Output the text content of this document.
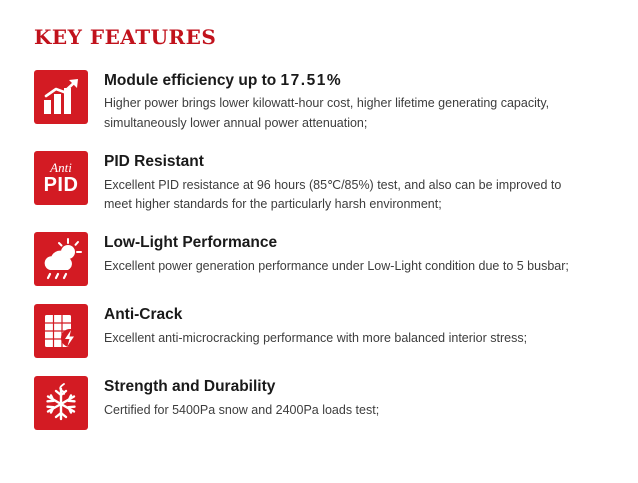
KEY FEATURES
Module efficiency up to 17.51%

Higher power brings lower kilowatt-hour cost, higher lifetime generating capacity, simultaneously lower annual power attenuation;

Anti
PID
PID Resistant

Excellent PID resistance at 96 hours (85℃/85%) test, and also can be improved to meet higher standards for the particularly harsh environment;

Low-Light Performance

Excellent power generation performance under Low-Light condition due to 5 busbar;

Anti-Crack

Excellent anti-microcracking performance with more balanced interior stress;

Strength and Durability

Certified for 5400Pa snow and 2400Pa loads test;
